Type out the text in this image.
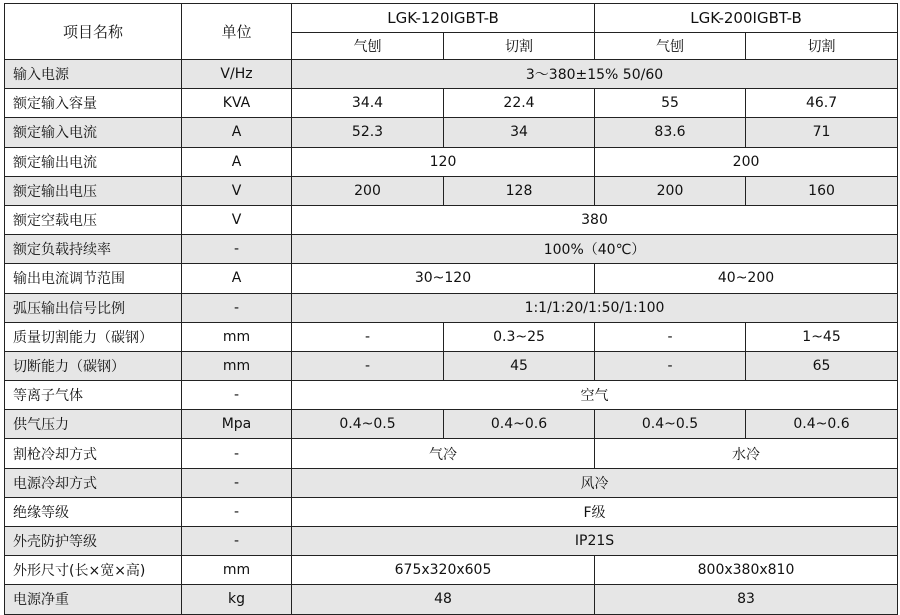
项目名称	单位	LGK-120IGBT-B		LGK-200IGBT-B	
		气刨	切割	气刨	切割
输入电源	V/Hz	3～380±15% 50/60			
额定输入容量	KVA	34.4	22.4	55	46.7
额定输入电流	A	52.3	34	83.6	71
额定输出电流	A	120		200	
额定输出电压	V	200	128	200	160
额定空载电压	V	380			
额定负载持续率	-	100%（40℃）			
输出电流调节范围	A	30~120		40~200	
弧压输出信号比例	-	1:1/1:20/1:50/1:100			
质量切割能力（碳钢）	mm	-	0.3~25	-	1~45
切断能力（碳钢）	mm	-	45	-	65
等离子气体	-	空气			
供气压力	Mpa	0.4~0.5	0.4~0.6	0.4~0.5	0.4~0.6
割枪冷却方式	-	气冷		水冷	
电源冷却方式	-	风冷			
绝缘等级	-	F级			
外壳防护等级	-	IP21S			
外形尺寸(长×宽×高)	mm	675x320x605		800x380x810	
电源净重	kg	48		83	
